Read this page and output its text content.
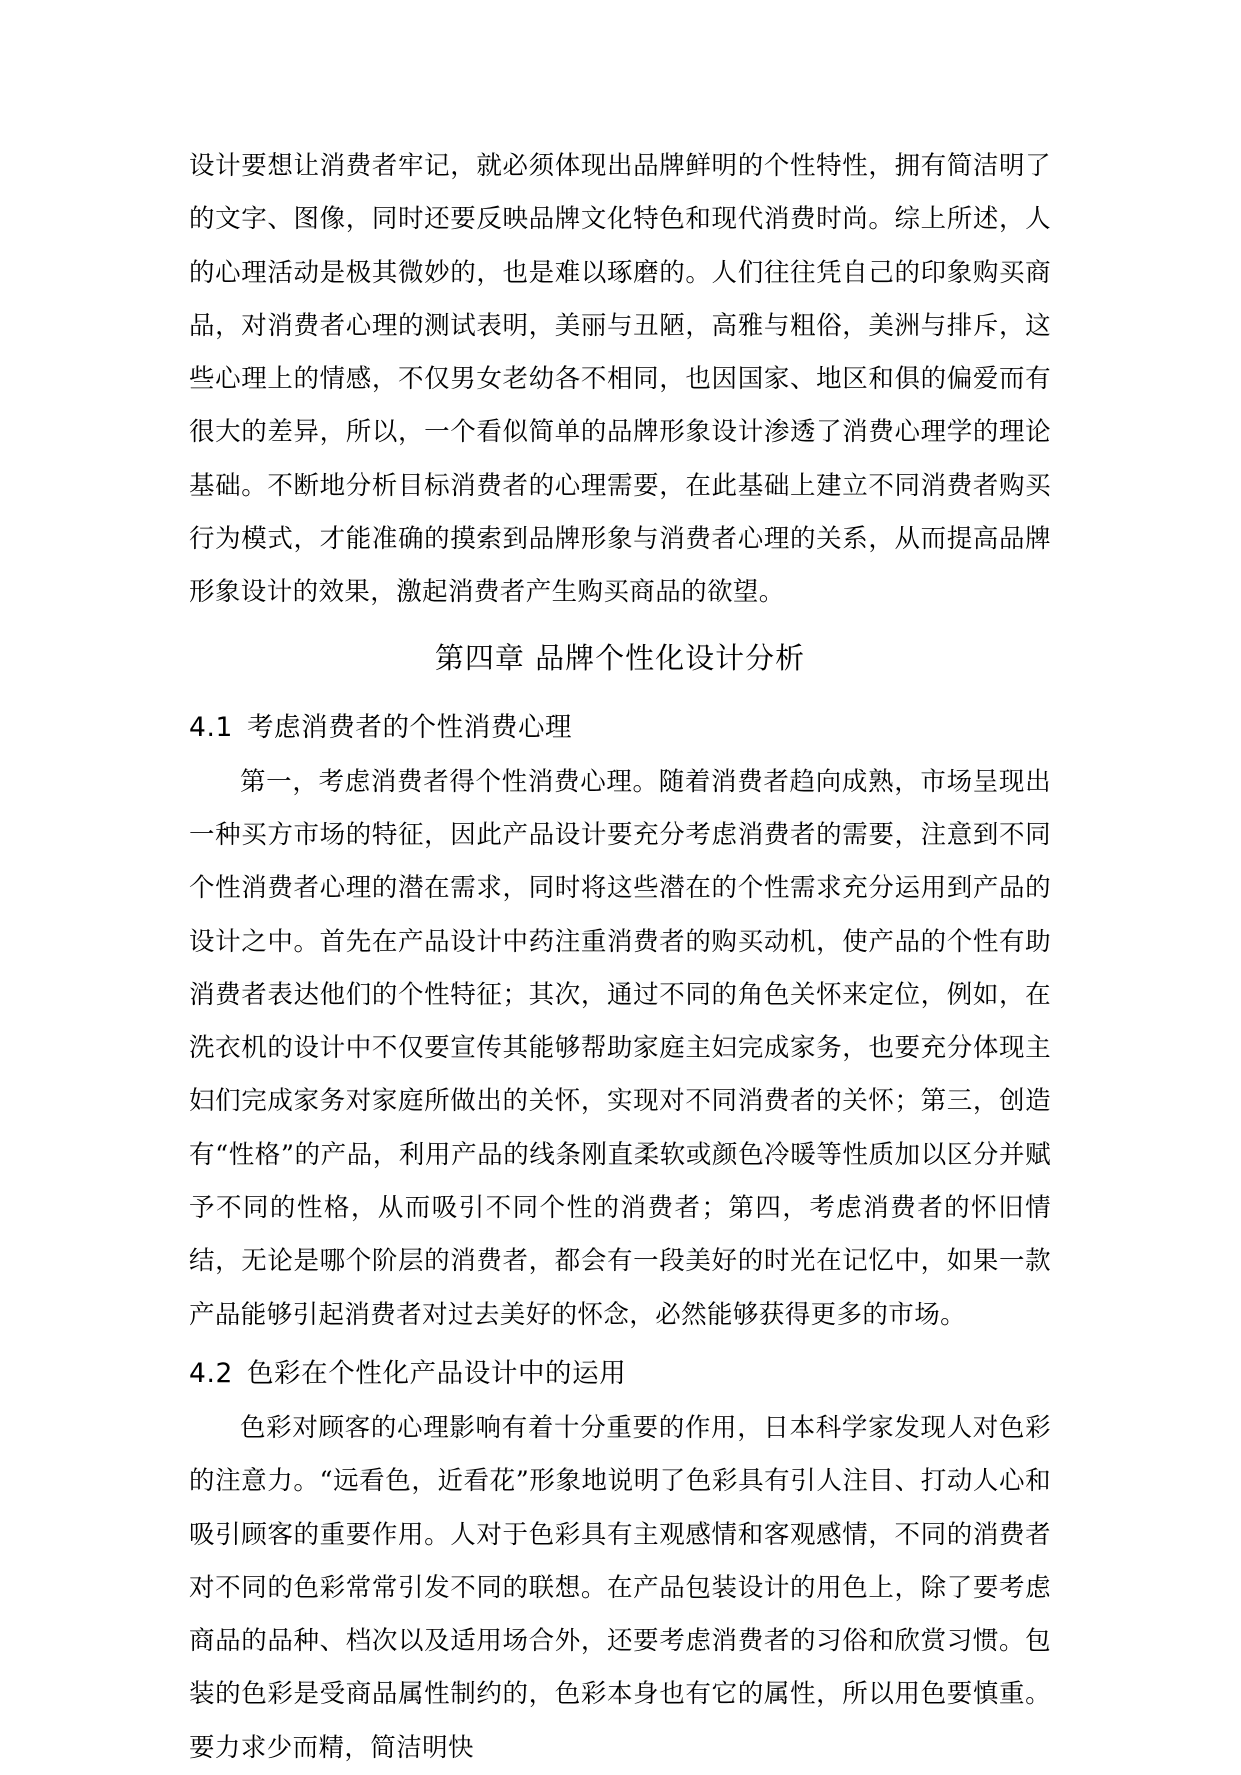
设计要想让消费者牢记，就必须体现出品牌鲜明的个性特性，拥有简洁明了的文字、图像，同时还要反映品牌文化特色和现代消费时尚。综上所述，人的心理活动是极其微妙的，也是难以琢磨的。人们往往凭自己的印象购买商品，对消费者心理的测试表明，美丽与丑陋，高雅与粗俗，美洲与排斥，这些心理上的情感，不仅男女老幼各不相同，也因国家、地区和俱的偏爱而有很大的差异，所以，一个看似简单的品牌形象设计渗透了消费心理学的理论基础。不断地分析目标消费者的心理需要，在此基础上建立不同消费者购买行为模式，才能准确的摸索到品牌形象与消费者心理的关系，从而提高品牌形象设计的效果，激起消费者产生购买商品的欲望。

第四章 品牌个性化设计分析
4.1 考虑消费者的个性消费心理

第一，考虑消费者得个性消费心理。随着消费者趋向成熟，市场呈现出一种买方市场的特征，因此产品设计要充分考虑消费者的需要，注意到不同个性消费者心理的潜在需求，同时将这些潜在的个性需求充分运用到产品的设计之中。首先在产品设计中药注重消费者的购买动机，使产品的个性有助消费者表达他们的个性特征；其次，通过不同的角色关怀来定位，例如，在洗衣机的设计中不仅要宣传其能够帮助家庭主妇完成家务，也要充分体现主妇们完成家务对家庭所做出的关怀，实现对不同消费者的关怀；第三，创造有“性格”的产品，利用产品的线条刚直柔软或颜色冷暖等性质加以区分并赋予不同的性格，从而吸引不同个性的消费者；第四，考虑消费者的怀旧情结，无论是哪个阶层的消费者，都会有一段美好的时光在记忆中，如果一款产品能够引起消费者对过去美好的怀念，必然能够获得更多的市场。

4.2 色彩在个性化产品设计中的运用

色彩对顾客的心理影响有着十分重要的作用，日本科学家发现人对色彩的注意力。“远看色，近看花”形象地说明了色彩具有引人注目、打动人心和吸引顾客的重要作用。人对于色彩具有主观感情和客观感情，不同的消费者对不同的色彩常常引发不同的联想。在产品包装设计的用色上，除了要考虑商品的品种、档次以及适用场合外，还要考虑消费者的习俗和欣赏习惯。包装的色彩是受商品属性制约的，色彩本身也有它的属性，所以用色要慎重。要力求少而精，简洁明快
